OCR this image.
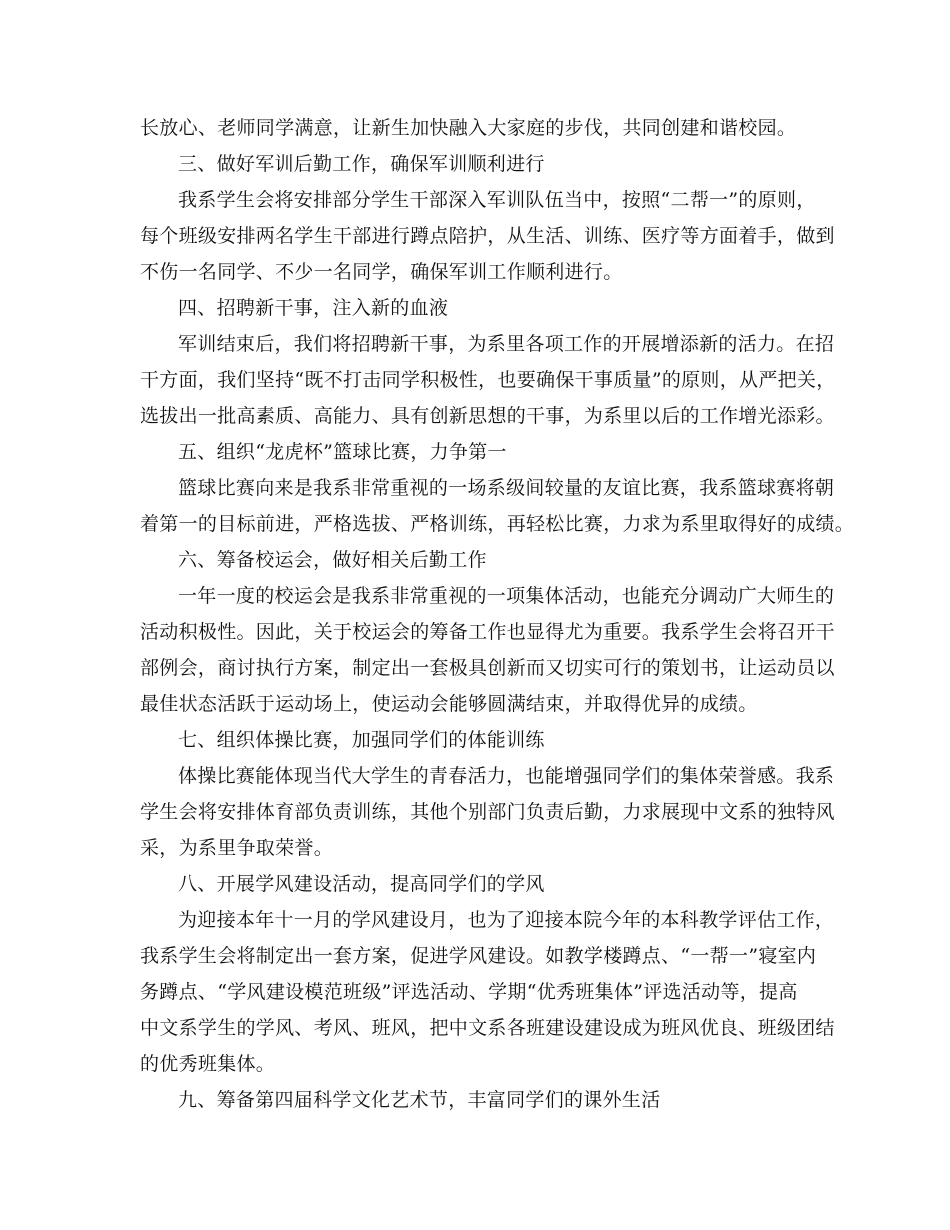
长放心、老师同学满意，让新生加快融入大家庭的步伐，共同创建和谐校园。
三、做好军训后勤工作，确保军训顺利进行
我系学生会将安排部分学生干部深入军训队伍当中，按照“二帮一”的原则，
每个班级安排两名学生干部进行蹲点陪护，从生活、训练、医疗等方面着手，做到
不伤一名同学、不少一名同学，确保军训工作顺利进行。
四、招聘新干事，注入新的血液
军训结束后，我们将招聘新干事，为系里各项工作的开展增添新的活力。在招
干方面，我们坚持“既不打击同学积极性，也要确保干事质量”的原则，从严把关，
选拔出一批高素质、高能力、具有创新思想的干事，为系里以后的工作增光添彩。
五、组织“龙虎杯”篮球比赛，力争第一
篮球比赛向来是我系非常重视的一场系级间较量的友谊比赛，我系篮球赛将朝
着第一的目标前进，严格选拔、严格训练，再轻松比赛，力求为系里取得好的成绩。
六、筹备校运会，做好相关后勤工作
一年一度的校运会是我系非常重视的一项集体活动，也能充分调动广大师生的
活动积极性。因此，关于校运会的筹备工作也显得尤为重要。我系学生会将召开干
部例会，商讨执行方案，制定出一套极具创新而又切实可行的策划书，让运动员以
最佳状态活跃于运动场上，使运动会能够圆满结束，并取得优异的成绩。
七、组织体操比赛，加强同学们的体能训练
体操比赛能体现当代大学生的青春活力，也能增强同学们的集体荣誉感。我系
学生会将安排体育部负责训练，其他个别部门负责后勤，力求展现中文系的独特风
采，为系里争取荣誉。
八、开展学风建设活动，提高同学们的学风
为迎接本年十一月的学风建设月，也为了迎接本院今年的本科教学评估工作，
我系学生会将制定出一套方案，促进学风建设。如教学楼蹲点、“一帮一”寝室内
务蹲点、“学风建设模范班级”评选活动、学期“优秀班集体”评选活动等，提高
中文系学生的学风、考风、班风，把中文系各班建设建设成为班风优良、班级团结
的优秀班集体。
九、筹备第四届科学文化艺术节，丰富同学们的课外生活
